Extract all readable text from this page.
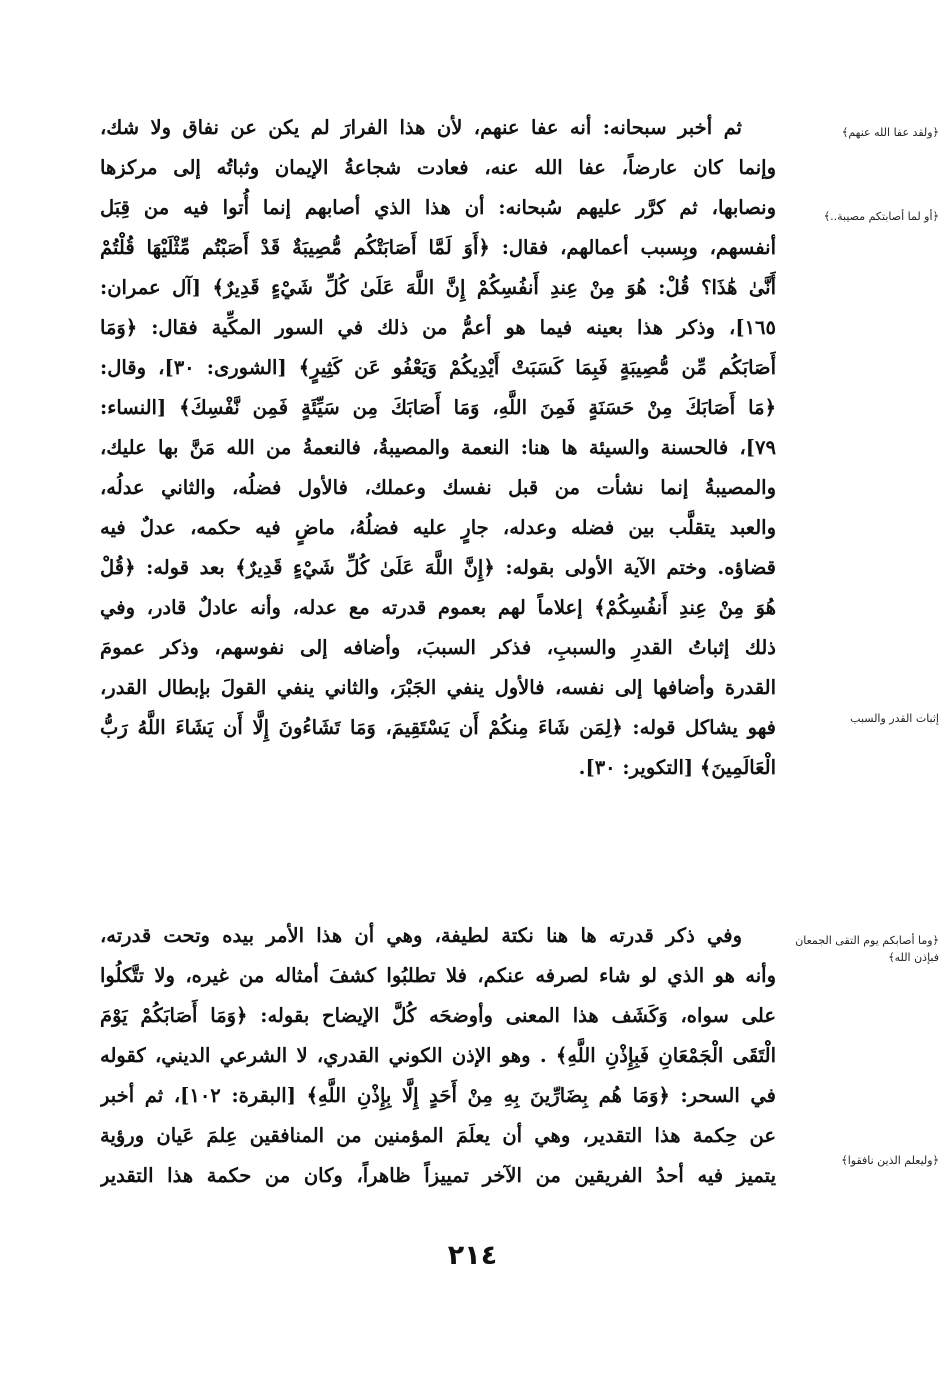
﴿ولقد عفا الله عنهم﴾
﴿أو لما أصابتكم مصيبة..﴾
إثبات القدر والسبب
﴿وما أصابكم يوم التقى الجمعان فبإذن الله﴾
﴿وليعلم الذين نافقوا﴾
ثم أخبر سبحانه: أنه عفا عنهم، لأن هذا الفرارَ لم يكن عن نفاق ولا شك،
وإنما كان عارضاً، عفا الله عنه، فعادت شجاعةُ الإيمان وثباتُه إلى مركزها
ونصابها، ثم كرَّر عليهم سُبحانه: أن هذا الذي أصابهم إنما أُتوا فيه من قِبَل
أنفسهم، وبِسبب أعمالهم، فقال: ﴿أَوَ لَمَّا أَصَابَتْكُم مُّصِيبَةٌ قَدْ أَصَبْتُم مِّثْلَيْهَا قُلْتُمْ
أَنَّىٰ هَٰذَا؟ قُلْ: هُوَ مِنْ عِندِ أَنفُسِكُمْ إِنَّ اللَّهَ عَلَىٰ كُلِّ شَيْءٍ قَدِيرٌ﴾ [آل عمران:
١٦٥]، وذكر هذا بعينه فيما هو أعمُّ من ذلك في السور المكِّية فقال: ﴿وَمَا
أَصَابَكُم مِّن مُّصِيبَةٍ فَبِمَا كَسَبَتْ أَيْدِيكُمْ وَيَعْفُو عَن كَثِيرٍ﴾ [الشورى: ٣٠]، وقال:
﴿مَا أَصَابَكَ مِنْ حَسَنَةٍ فَمِنَ اللَّهِ، وَمَا أَصَابَكَ مِن سَيِّئَةٍ فَمِن نَّفْسِكَ﴾ [النساء:
٧٩]، فالحسنة والسيئة ها هنا: النعمة والمصيبةُ، فالنعمةُ من الله مَنَّ بها عليك،
والمصيبةُ إنما نشأت من قبل نفسك وعملك، فالأول فضلُه، والثاني عدلُه،
والعبد يتقلَّب بين فضله وعدله، جارٍ عليه فضلُهُ، ماضٍ فيه حكمه، عدلٌ فيه
قضاؤه. وختم الآية الأولى بقوله: ﴿إِنَّ اللَّهَ عَلَىٰ كُلِّ شَيْءٍ قَدِيرٌ﴾ بعد قوله: ﴿قُلْ
هُوَ مِنْ عِندِ أَنفُسِكُمْ﴾ إعلاماً لهم بعموم قدرته مع عدله، وأنه عادلٌ قادر، وفي
ذلك إثباتُ القدرِ والسببِ، فذكر السببَ، وأضافه إلى نفوسهم، وذكر عمومَ
القدرة وأضافها إلى نفسه، فالأول ينفي الجَبْرَ، والثاني ينفي القولَ بإبطال القدر،
فهو يشاكل قوله: ﴿لِمَن شَاءَ مِنكُمْ أَن يَسْتَقِيمَ، وَمَا تَشَاءُونَ إِلَّا أَن يَشَاءَ اللَّهُ رَبُّ
الْعَالَمِينَ﴾ [التكوير: ٣٠].
وفي ذكر قدرته ها هنا نكتة لطيفة، وهي أن هذا الأمر بيده وتحت قدرته،
وأنه هو الذي لو شاء لصرفه عنكم، فلا تطلبُوا كشفَ أمثاله من غيره، ولا تتَّكلُوا
على سواه، وَكَشَف هذا المعنى وأوضحَه كُلَّ الإيضاح بقوله: ﴿وَمَا أَصَابَكُمْ يَوْمَ
الْتَقَى الْجَمْعَانِ فَبِإِذْنِ اللَّهِ﴾ . وهو الإذن الكوني القدري، لا الشرعي الديني، كقوله
في السحر: ﴿وَمَا هُم بِضَارِّينَ بِهِ مِنْ أَحَدٍ إِلَّا بِإِذْنِ اللَّهِ﴾ [البقرة: ١٠٢]، ثم أخبر
عن حِكمة هذا التقدير، وهي أن يعلَمَ المؤمنين من المنافقين عِلمَ عَيان ورؤية
يتميز فيه أحدُ الفريقين من الآخر تمييزاً ظاهراً، وكان من حكمة هذا التقدير
٢١٤
